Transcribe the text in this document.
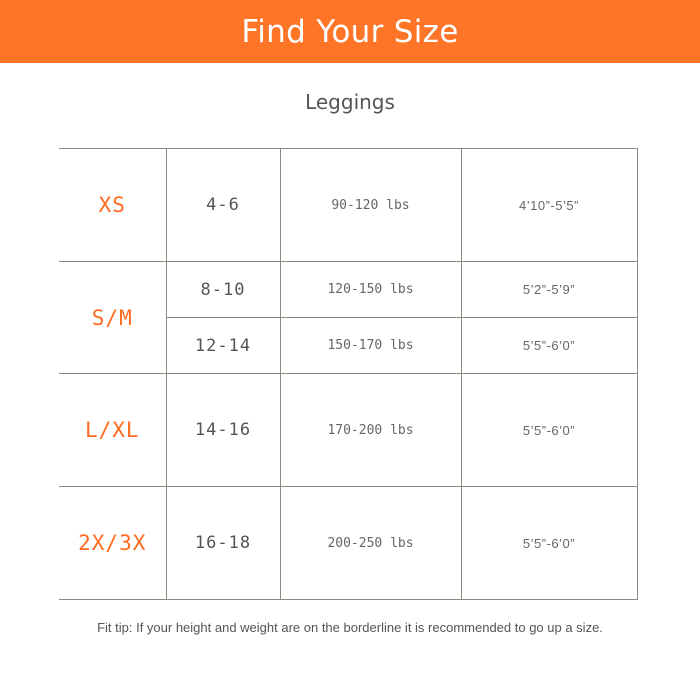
Find Your Size
Leggings
XS	4-6	90-120 lbs	4’10”-5’5”
S/M	8-10	120-150 lbs	5’2”-5’9”
	12-14	150-170 lbs	5’5”-6’0”
L/XL	14-16	170-200 lbs	5’5”-6’0”
2X/3X	16-18	200-250 lbs	5’5”-6’0”
Fit tip: If your height and weight are on the borderline it is recommended to go up a size.
